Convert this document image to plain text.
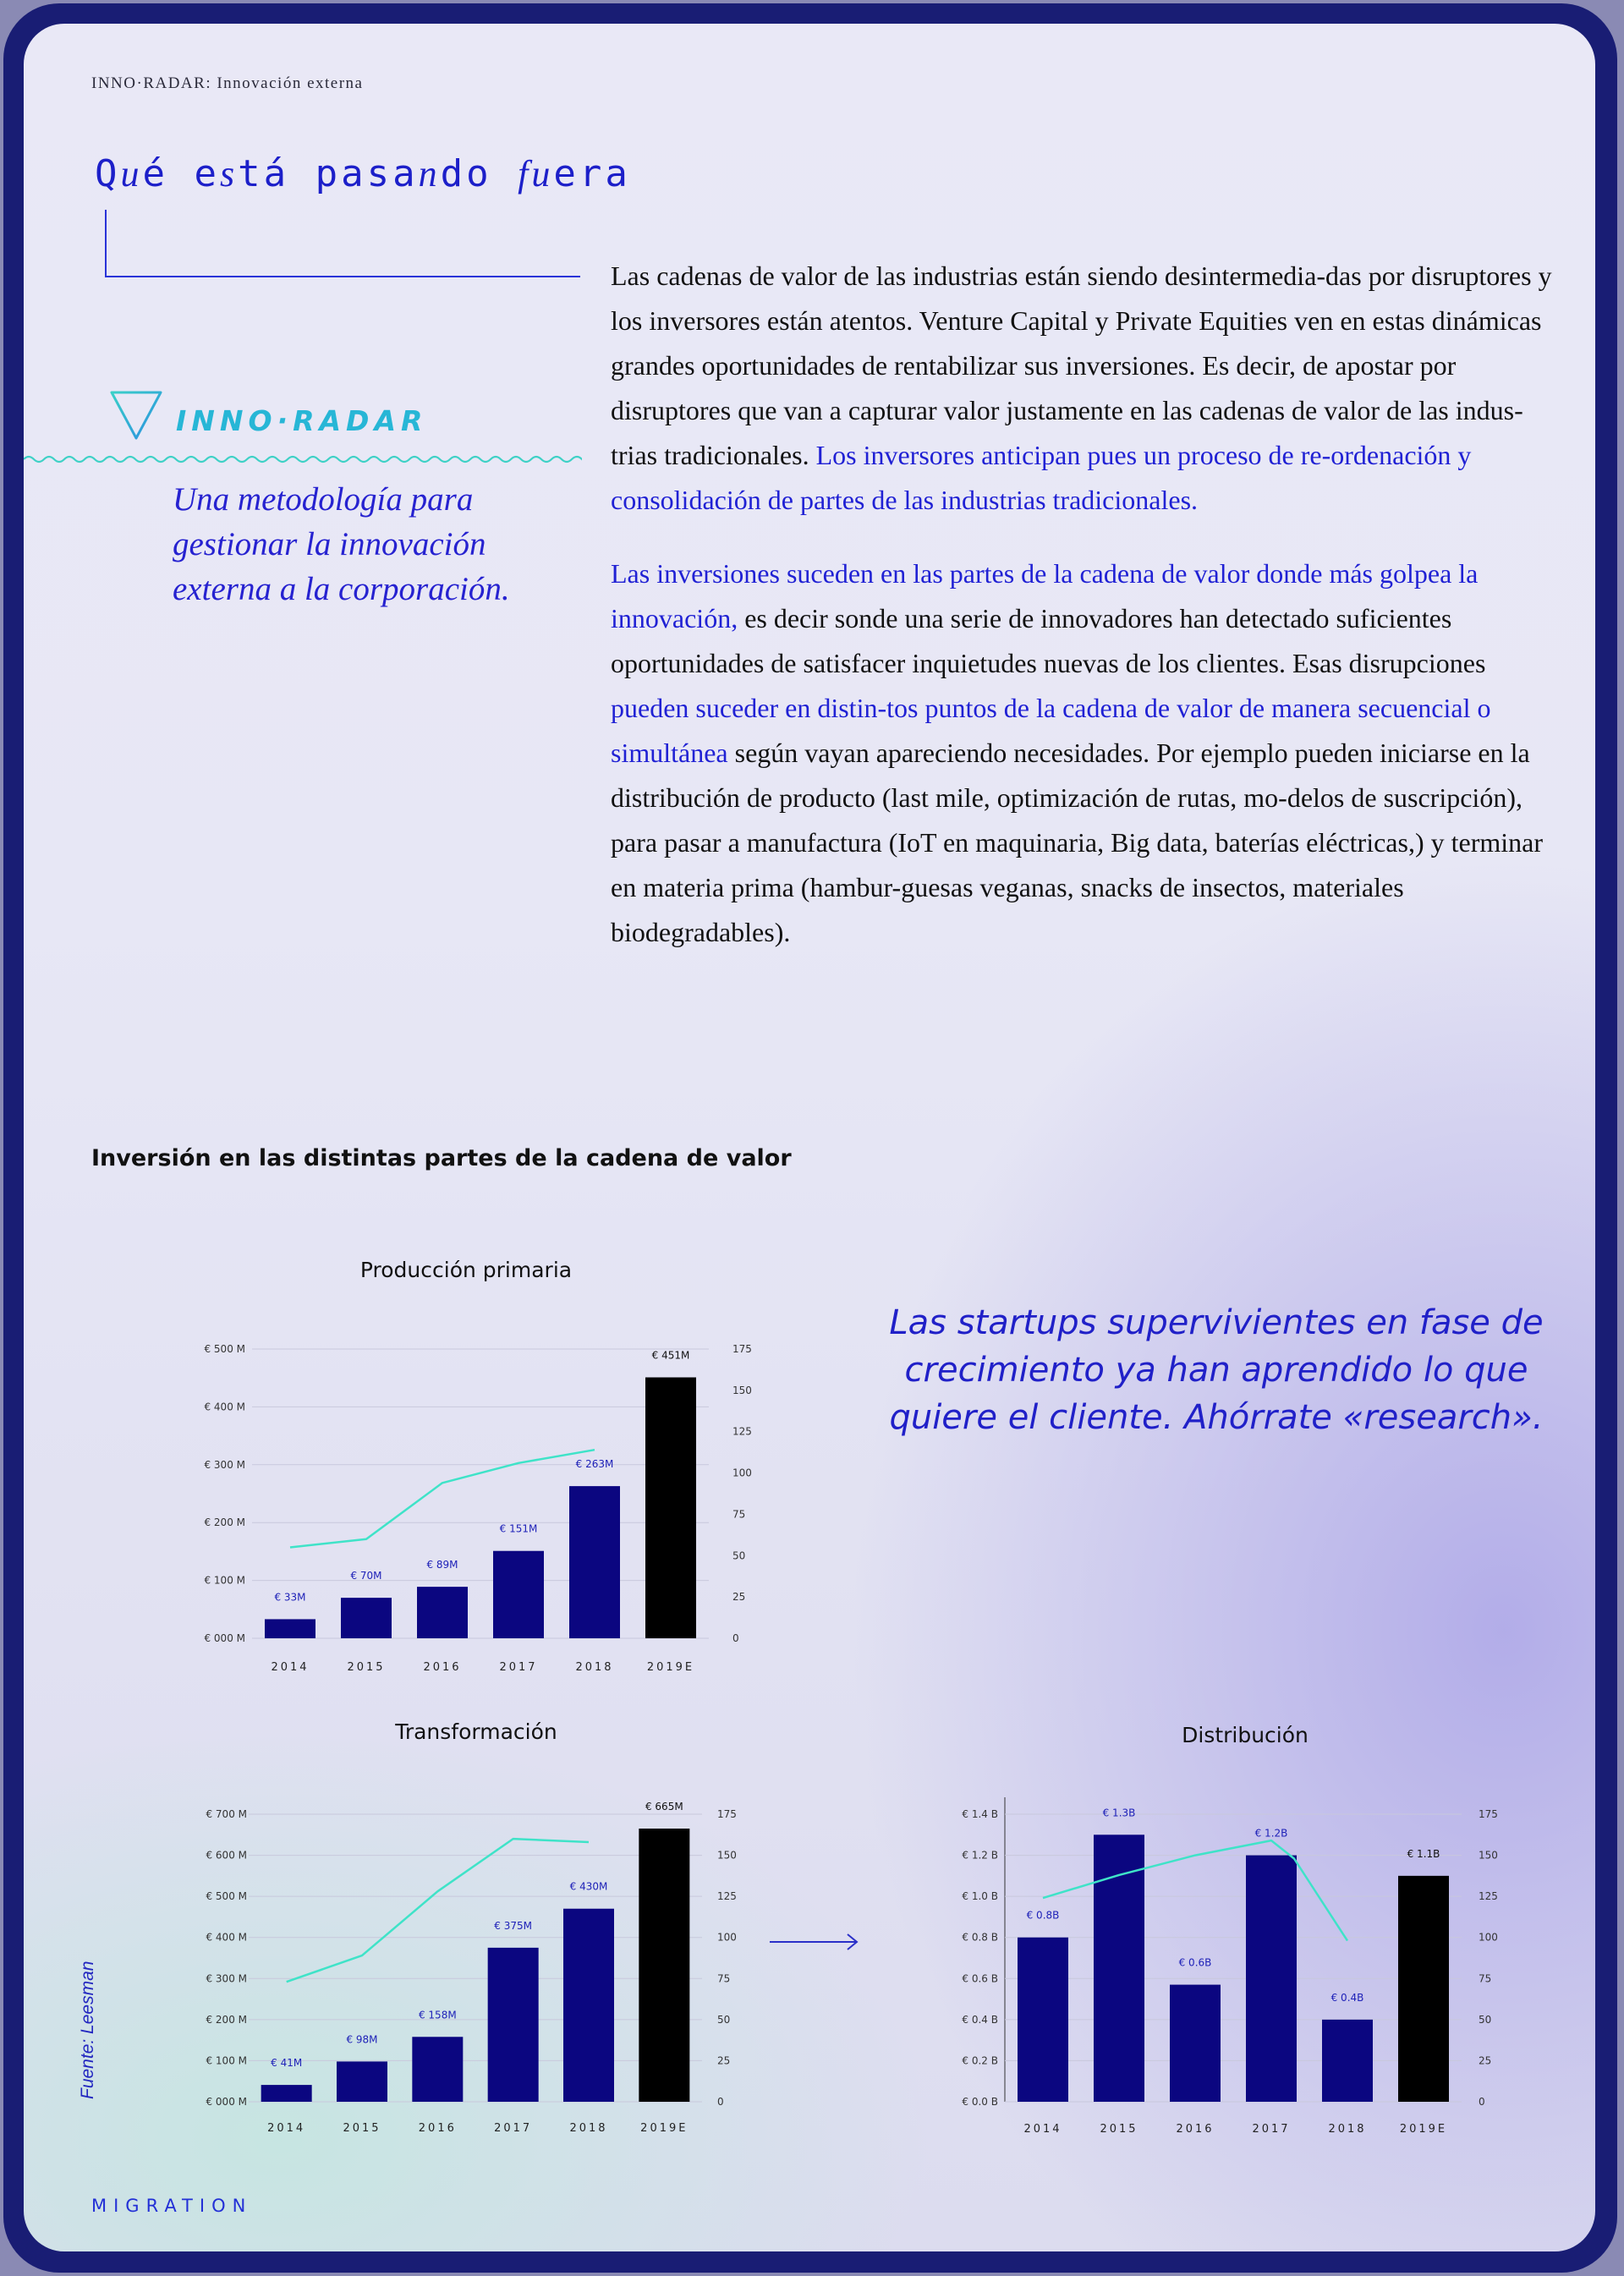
INNO·RADAR: Innovación externa
Qué está pasando fuera
INNO·RADAR
Una metodología para gestionar la innovación externa a la corporación.

Las cadenas de valor de las industrias están siendo desintermedia-das por disruptores y los inversores están atentos. Venture Capital y Private Equities ven en estas dinámicas grandes oportunidades de rentabilizar sus inversiones. Es decir, de apostar por disruptores que van a capturar valor justamente en las cadenas de valor de las indus-trias tradicionales. Los inversores anticipan pues un proceso de re-ordenación y consolidación de partes de las industrias tradicionales.

Las inversiones suceden en las partes de la cadena de valor donde más golpea la innovación, es decir sonde una serie de innovadores han detectado suficientes oportunidades de satisfacer inquietudes nuevas de los clientes. Esas disrupciones pueden suceder en distin-tos puntos de la cadena de valor de manera secuencial o simultánea según vayan apareciendo necesidades. Por ejemplo pueden iniciarse en la distribución de producto (last mile, optimización de rutas, mo-delos de suscripción), para pasar a manufactura (IoT en maquinaria, Big data, baterías eléctricas,) y terminar en materia prima (hambur-guesas veganas, snacks de insectos, materiales biodegradables).

Inversión en las distintas partes de la cadena de valor
Producción primaria
€ 000 M
€ 100 M
€ 200 M
€ 300 M
€ 400 M
€ 500 M
0
25
50
75
100
125
150
175
€ 33M
2014
€ 70M
2015
€ 89M
2016
€ 151M
2017
€ 263M
2018
€ 451M
2019E
Transformación
€ 000 M
€ 100 M
€ 200 M
€ 300 M
€ 400 M
€ 500 M
€ 600 M
€ 700 M
0
25
50
75
100
125
150
175
€ 41M
2014
€ 98M
2015
€ 158M
2016
€ 375M
2017
€ 430M
2018
€ 665M
2019E
Distribución
€ 0.0 B
€ 0.2 B
€ 0.4 B
€ 0.6 B
€ 0.8 B
€ 1.0 B
€ 1.2 B
€ 1.4 B
0
25
50
75
100
125
150
175
€ 0.8B
2014
€ 1.3B
2015
€ 0.6B
2016
€ 1.2B
2017
€ 0.4B
2018
€ 1.1B
2019E
Las startups supervivientes en fase de crecimiento ya han aprendido lo que quiere el cliente. Ahórrate «research».
Fuente: Leesman
MIGRATION
